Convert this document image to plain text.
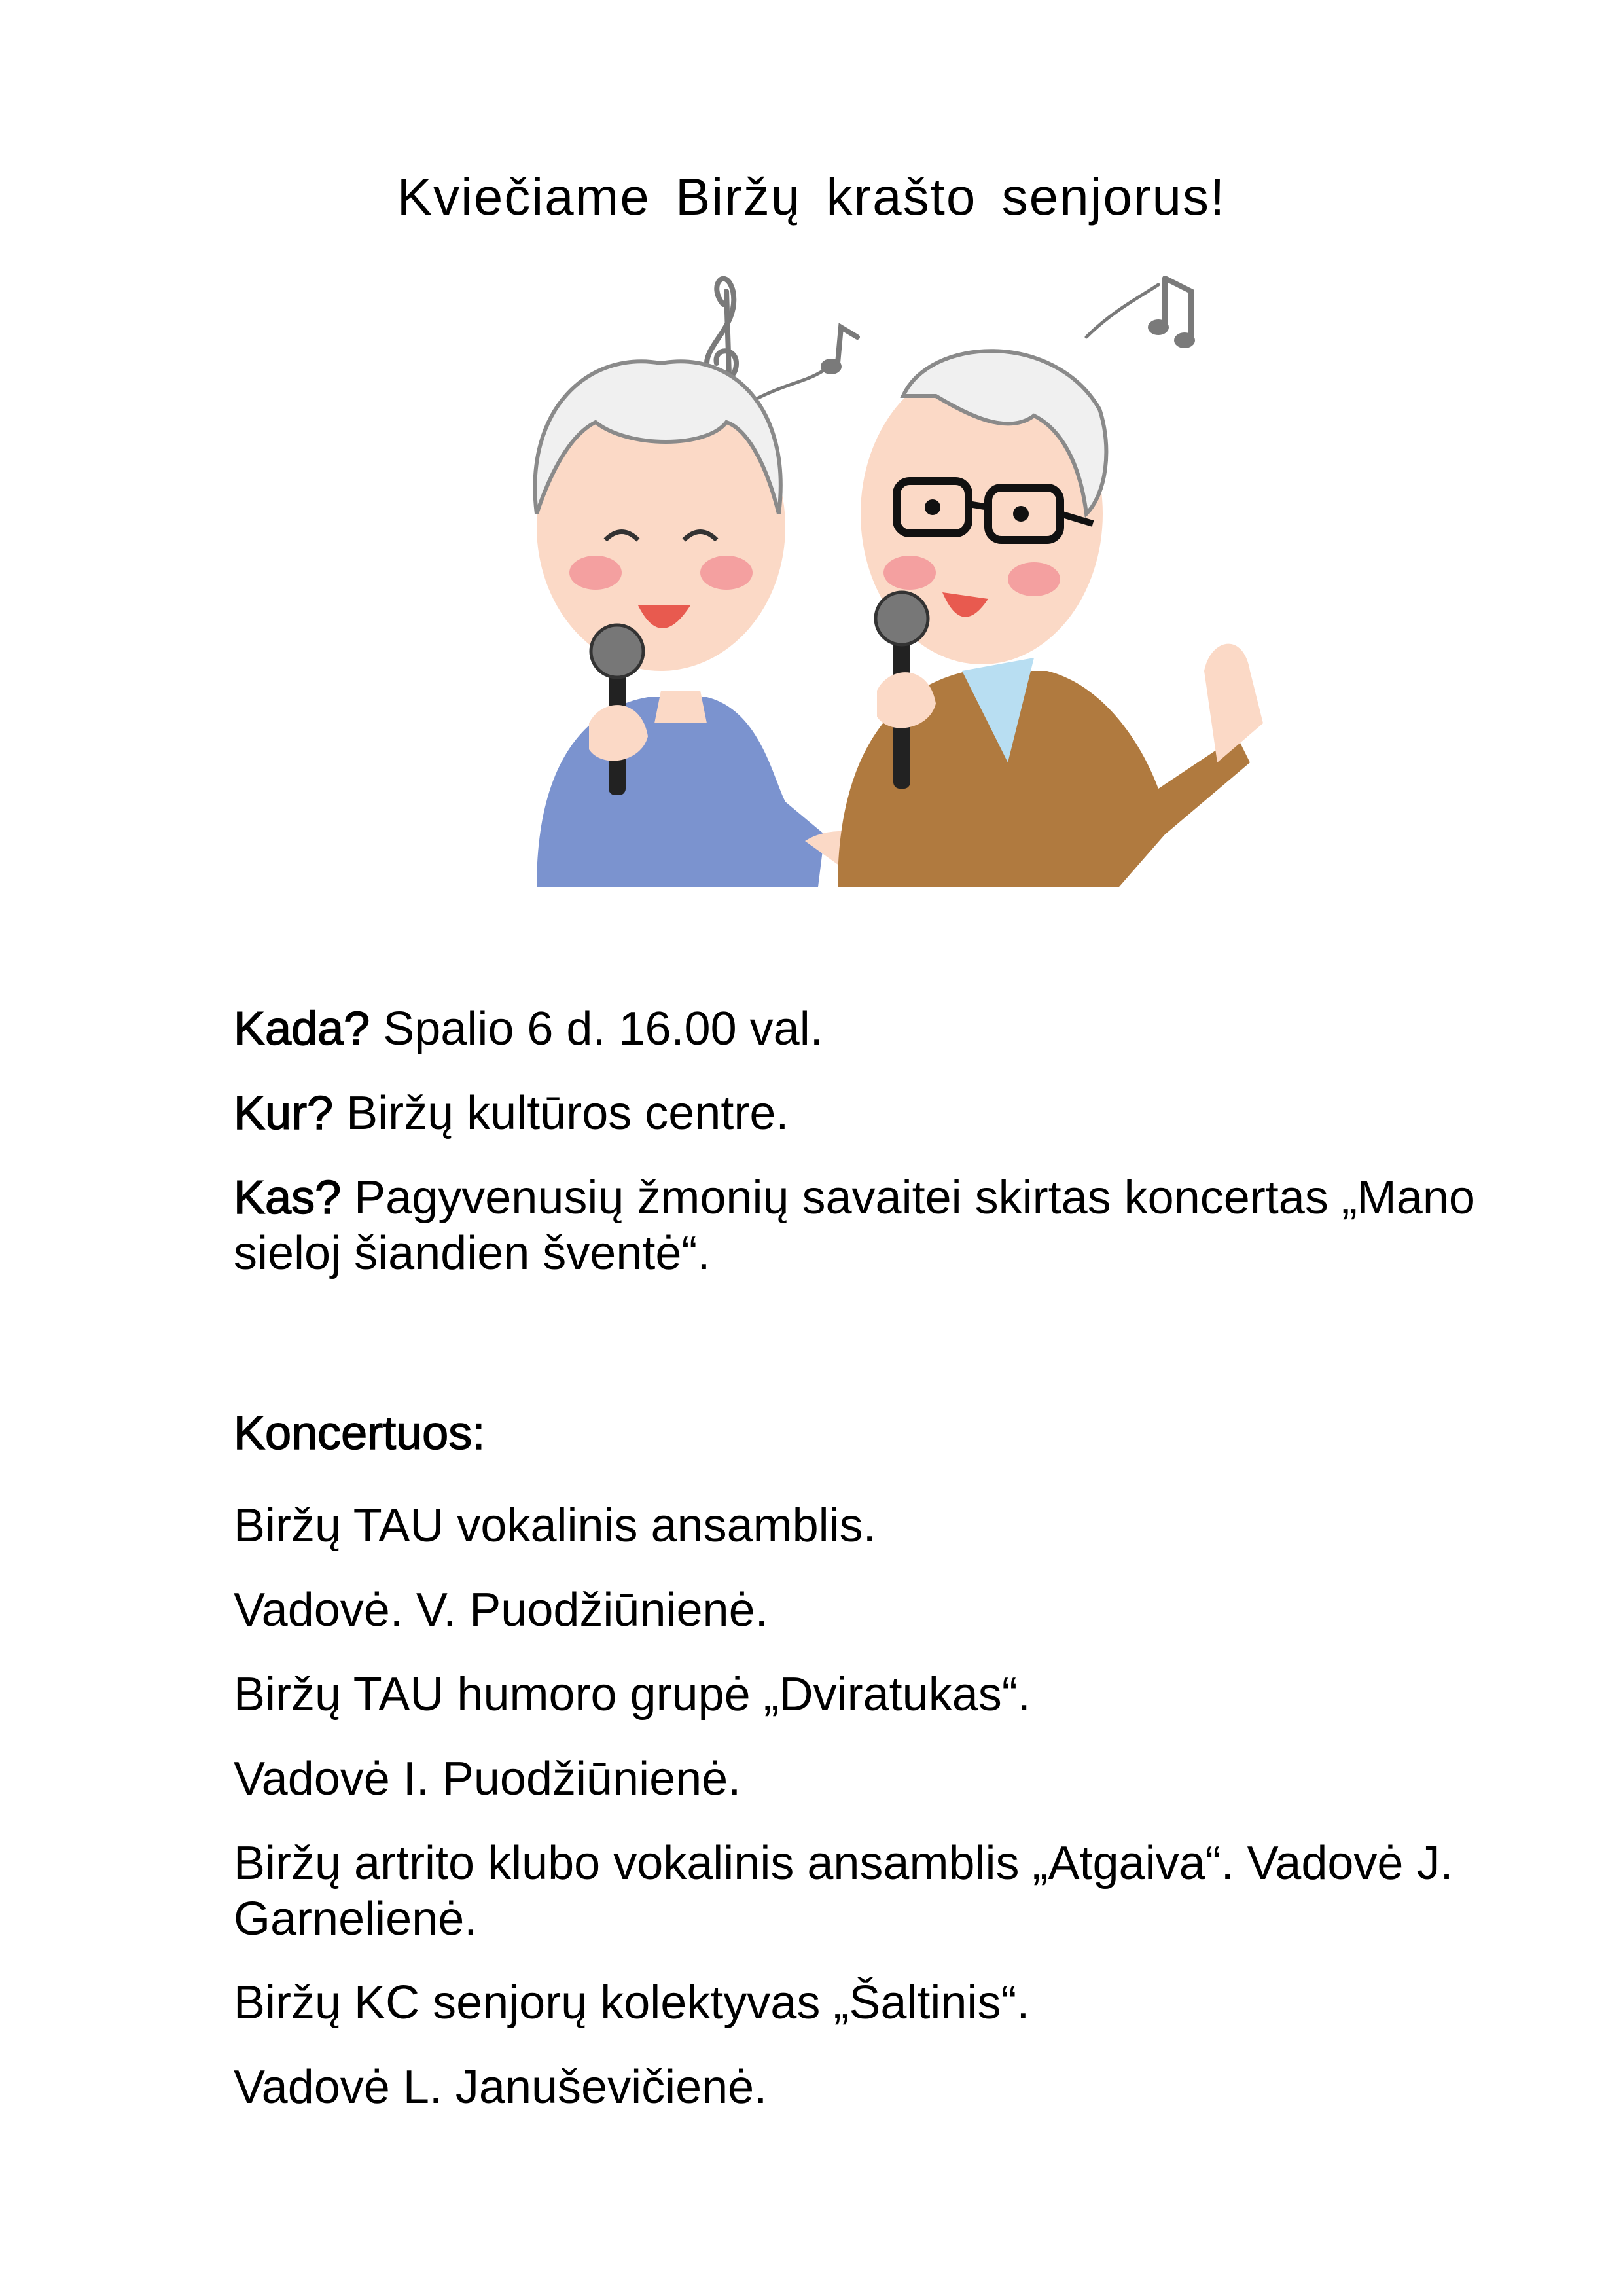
Kviečiame Biržų krašto senjorus!
Kada? Spalio 6 d. 16.00 val.
Kur? Biržų kultūros centre.
Kas? Pagyvenusių žmonių savaitei skirtas koncertas „Mano sieloj šiandien šventė“.
Koncertuos:
Biržų TAU vokalinis ansamblis.
Vadovė. V. Puodžiūnienė.
Biržų TAU humoro grupė „Dviratukas“.
Vadovė I. Puodžiūnienė.
Biržų artrito klubo vokalinis ansamblis „Atgaiva“. Vadovė J. Garnelienė.
Biržų KC senjorų kolektyvas „Šaltinis“.
Vadovė L. Januševičienė.
